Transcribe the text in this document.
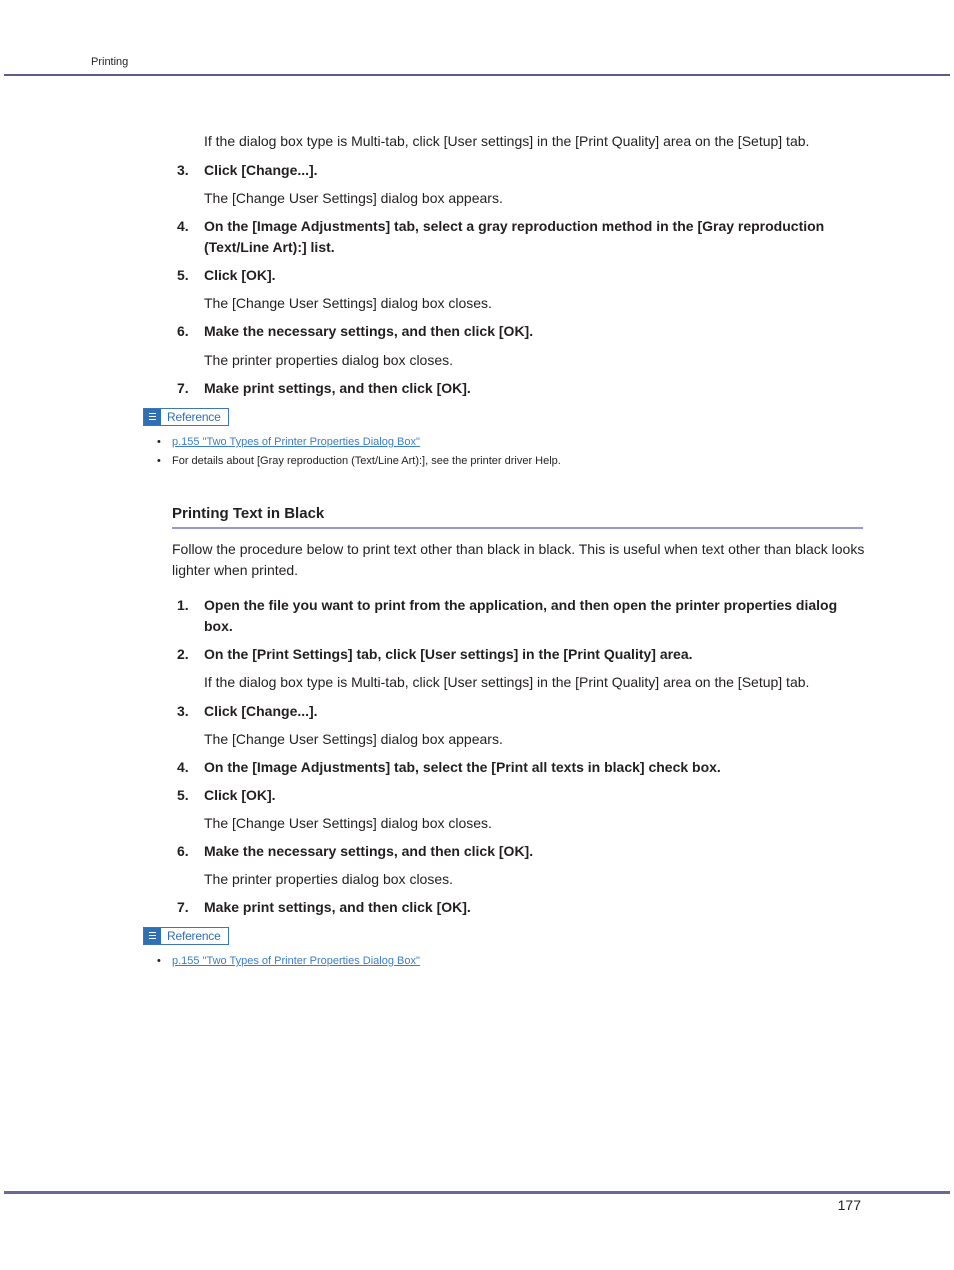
Printing
If the dialog box type is Multi-tab, click [User settings] in the [Print Quality] area on the [Setup] tab.
3.	Click [Change...].
The [Change User Settings] dialog box appears.
4.	On the [Image Adjustments] tab, select a gray reproduction method in the [Gray reproduction (Text/Line Art):] list.
5.	Click [OK].
The [Change User Settings] dialog box closes.
6.	Make the necessary settings, and then click [OK].
The printer properties dialog box closes.
7.	Make print settings, and then click [OK].
Reference
• p.155 "Two Types of Printer Properties Dialog Box"
• For details about [Gray reproduction (Text/Line Art):], see the printer driver Help.
Printing Text in Black
Follow the procedure below to print text other than black in black. This is useful when text other than black looks lighter when printed.
1.	Open the file you want to print from the application, and then open the printer properties dialog box.
2.	On the [Print Settings] tab, click [User settings] in the [Print Quality] area.
If the dialog box type is Multi-tab, click [User settings] in the [Print Quality] area on the [Setup] tab.
3.	Click [Change...].
The [Change User Settings] dialog box appears.
4.	On the [Image Adjustments] tab, select the [Print all texts in black] check box.
5.	Click [OK].
The [Change User Settings] dialog box closes.
6.	Make the necessary settings, and then click [OK].
The printer properties dialog box closes.
7.	Make print settings, and then click [OK].
Reference
• p.155 "Two Types of Printer Properties Dialog Box"
177
